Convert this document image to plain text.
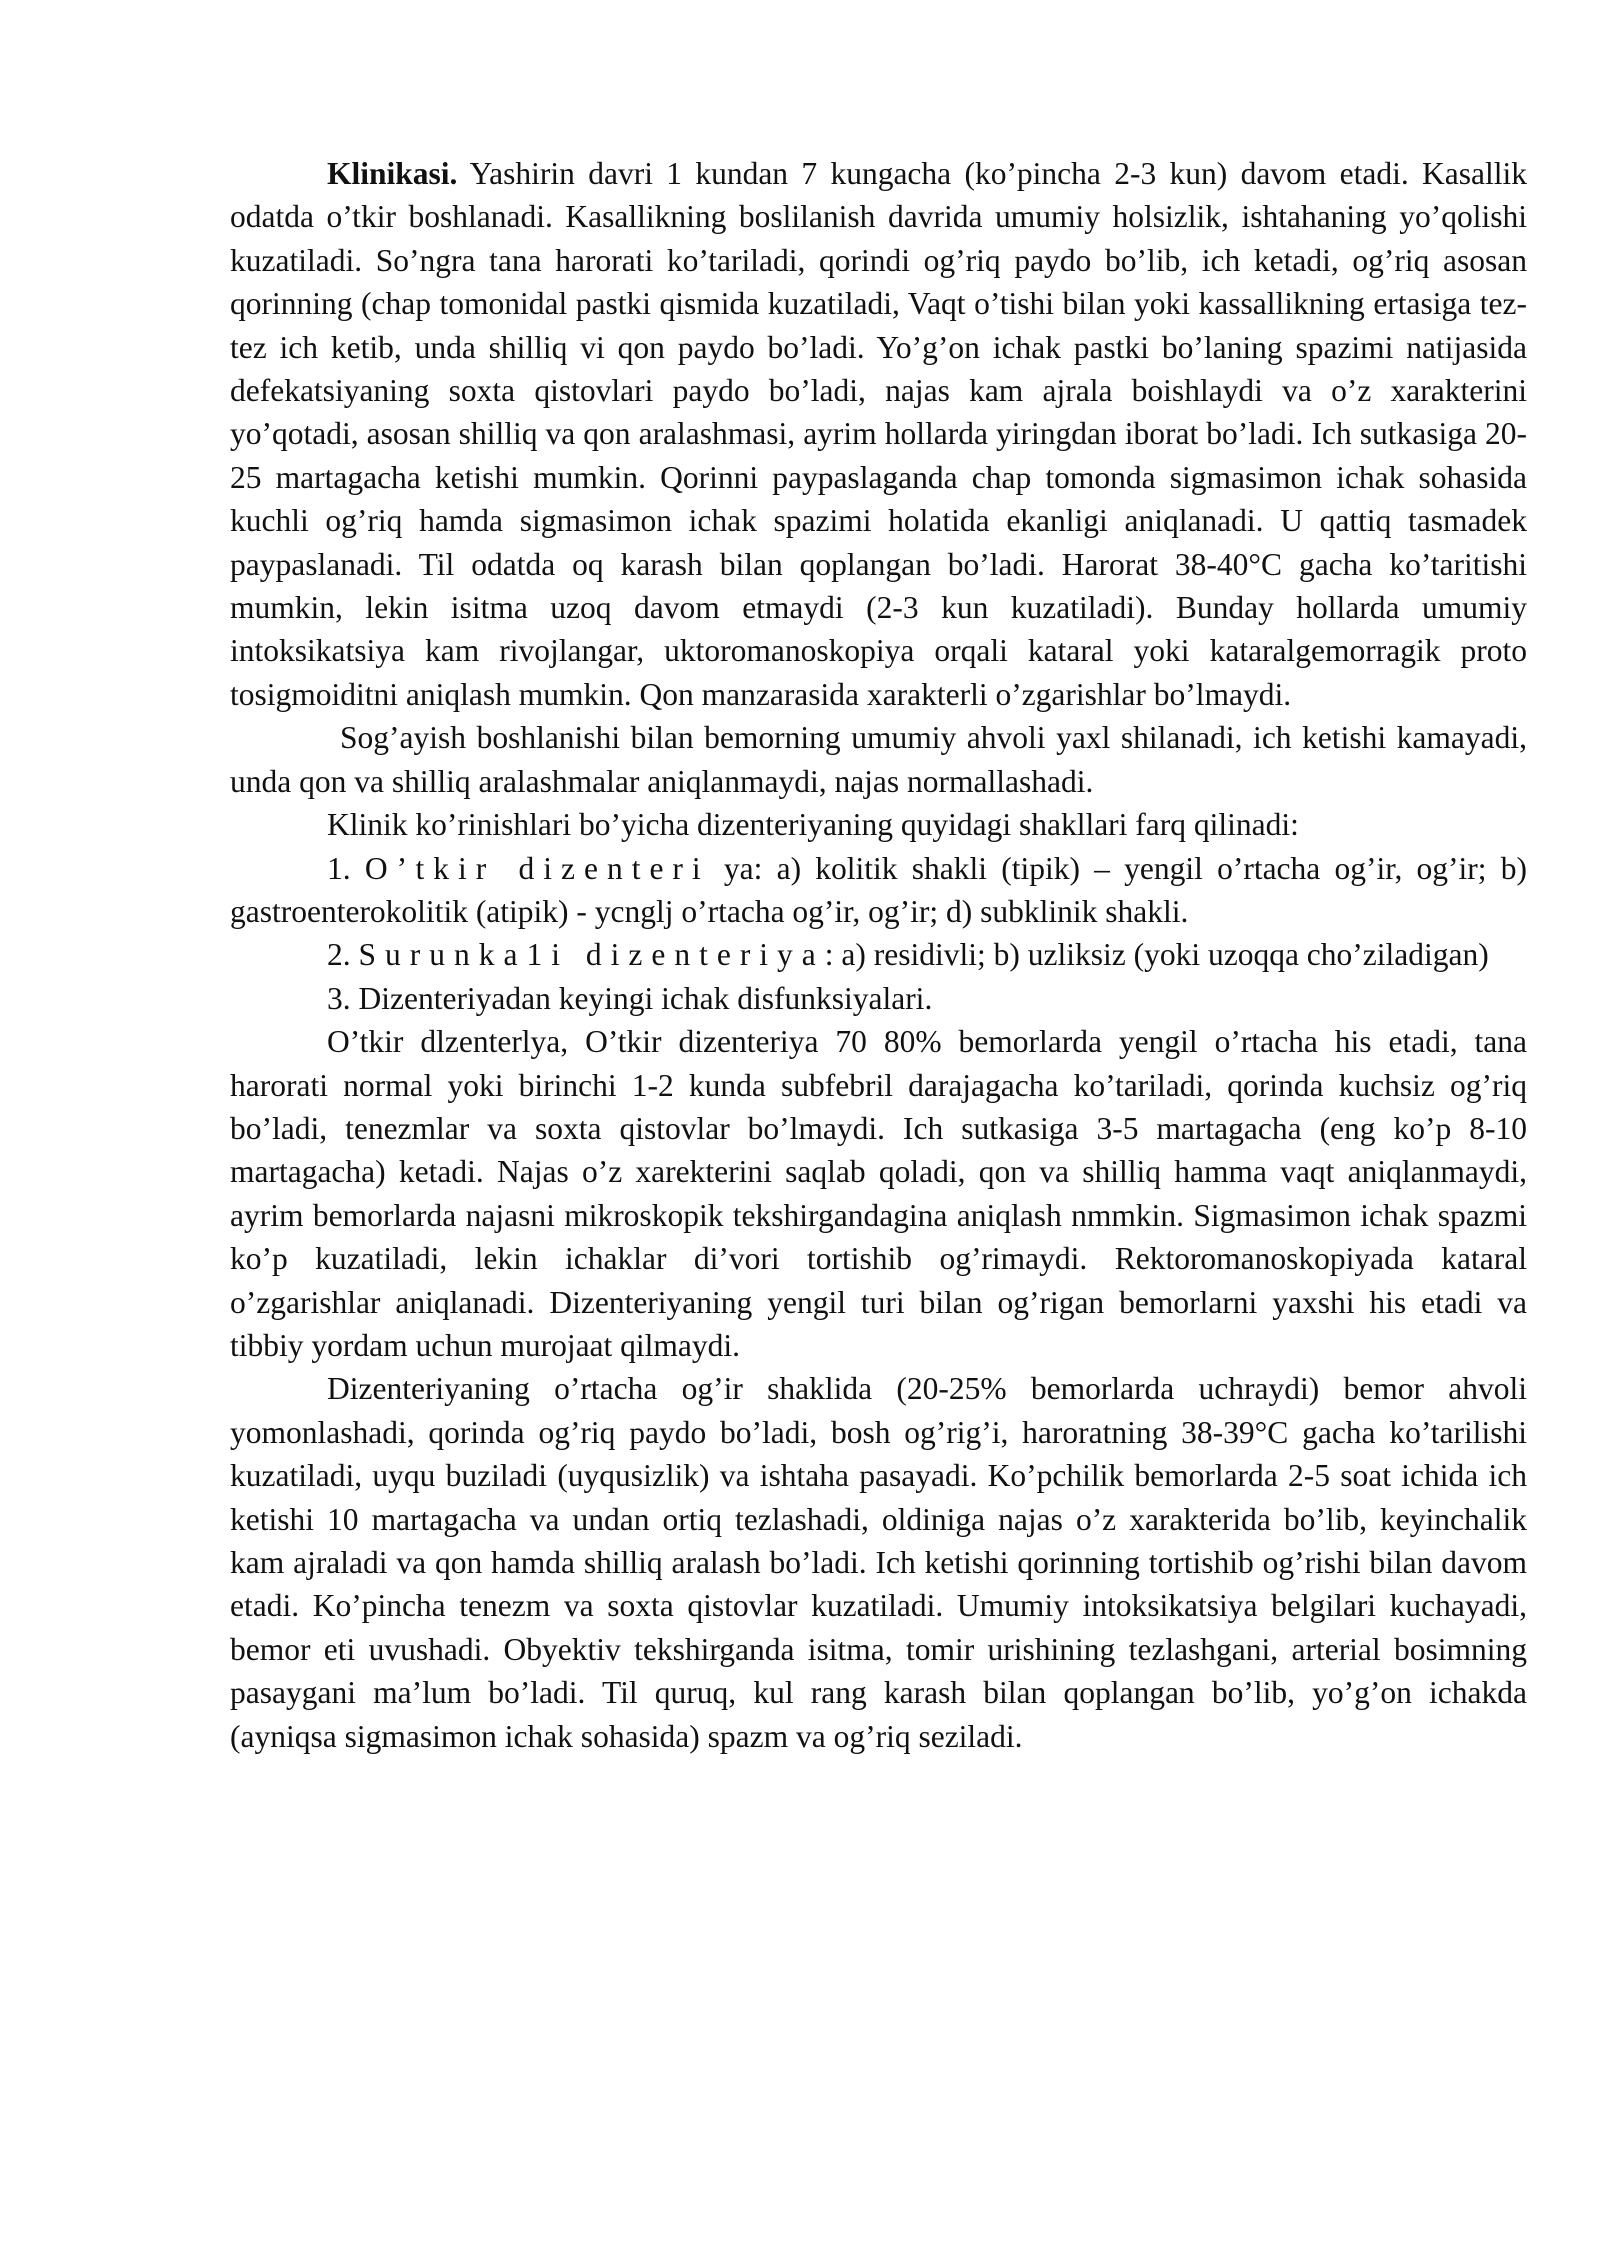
Klinikasi. Yashirin davri 1 kundan 7 kungacha (ko’pincha 2-3 kun) davom etadi. Kasallik odatda o’tkir boshlanadi. Kasallikning boslilanish davrida umumiy holsizlik, ishtahaning yo’qolishi kuzatiladi. So’ngra tana harorati ko’tariladi, qorindi og’riq paydo bo’lib, ich ketadi, og’riq asosan qorinning (chap tomonidal pastki qismida kuzatiladi, Vaqt o’tishi bilan yoki kassallikning ertasiga tez-tez ich ketib, unda shilliq vi qon paydo bo’ladi. Yo’g’on ichak pastki bo’laning spazimi natijasida defekatsiyaning soxta qistovlari paydo bo’ladi, najas kam ajrala boishlaydi va o’z xarakterini yo’qotadi, asosan shilliq va qon aralashmasi, ayrim hollarda yiringdan iborat bo’ladi. Ich sutkasiga 20-25 martagacha ketishi mumkin. Qorinni paypaslaganda chap tomonda sigmasimon ichak sohasida kuchli og’riq hamda sigmasimon ichak spazimi holatida ekanligi aniqlanadi. U qattiq tasmadek paypaslanadi. Til odatda oq karash bilan qoplangan bo’ladi. Harorat 38-40°C gacha ko’taritishi mumkin, lekin isitma uzoq davom etmaydi (2-3 kun kuzatiladi). Bunday hollarda umumiy intoksikatsiya kam rivojlangar, uktoromanoskopiya orqali kataral yoki kataralgemorragik proto tosigmoiditni aniqlash mumkin. Qon manzarasida xarakterli o’zgarishlar bo’lmaydi.

Sog’ayish boshlanishi bilan bemorning umumiy ahvoli yaxl shilanadi, ich ketishi kamayadi, unda qon va shilliq aralashmalar aniqlanmaydi, najas normallashadi.

Klinik ko’rinishlari bo’yicha dizenteriyaning quyidagi shakllari farq qilinadi:

1. O’tkir dizenteri ya: a) kolitik shakli (tipik) – yengil o’rtacha og’ir, og’ir; b) gastroenterokolitik (atipik) - ycnglj o’rtacha og’ir, og’ir; d) subklinik shakli.

2. Surunka1i dizenteriya: a) residivli; b) uzliksiz (yoki uzoqqa cho’ziladigan)

3. Dizenteriyadan keyingi ichak disfunksiyalari.

O’tkir dlzenterlya, O’tkir dizenteriya 70 80% bemorlarda yengil o’rtacha his etadi, tana harorati normal yoki birinchi 1-2 kunda subfebril darajagacha ko’tariladi, qorinda kuchsiz og’riq bo’ladi, tenezmlar va soxta qistovlar bo’lmaydi. Ich sutkasiga 3-5 martagacha (eng ko’p 8-10 martagacha) ketadi. Najas o’z xarekterini saqlab qoladi, qon va shilliq hamma vaqt aniqlanmaydi, ayrim bemorlarda najasni mikroskopik tekshirgandagina aniqlash nmmkin. Sigmasimon ichak spazmi ko’p kuzatiladi, lekin ichaklar di’vori tortishib og’rimaydi. Rektoromanoskopiyada kataral o’zgarishlar aniqlanadi. Dizenteriyaning yengil turi bilan og’rigan bemorlarni yaxshi his etadi va tibbiy yordam uchun murojaat qilmaydi.

Dizenteriyaning o’rtacha og’ir shaklida (20-25% bemorlarda uchraydi) bemor ahvoli yomonlashadi, qorinda og’riq paydo bo’ladi, bosh og’rig’i, haroratning 38-39°C gacha ko’tarilishi kuzatiladi, uyqu buziladi (uyqusizlik) va ishtaha pasayadi. Ko’pchilik bemorlarda 2-5 soat ichida ich ketishi 10 martagacha va undan ortiq tezlashadi, oldiniga najas o’z xarakterida bo’lib, keyinchalik kam ajraladi va qon hamda shilliq aralash bo’ladi. Ich ketishi qorinning tortishib og’rishi bilan davom etadi. Ko’pincha tenezm va soxta qistovlar kuzatiladi. Umumiy intoksikatsiya belgilari kuchayadi, bemor eti uvushadi. Obyektiv tekshirganda isitma, tomir urishining tezlashgani, arterial bosimning pasaygani ma’lum bo’ladi. Til quruq, kul rang karash bilan qoplangan bo’lib, yo’g’on ichakda (ayniqsa sigmasimon ichak sohasida) spazm va og’riq seziladi.
